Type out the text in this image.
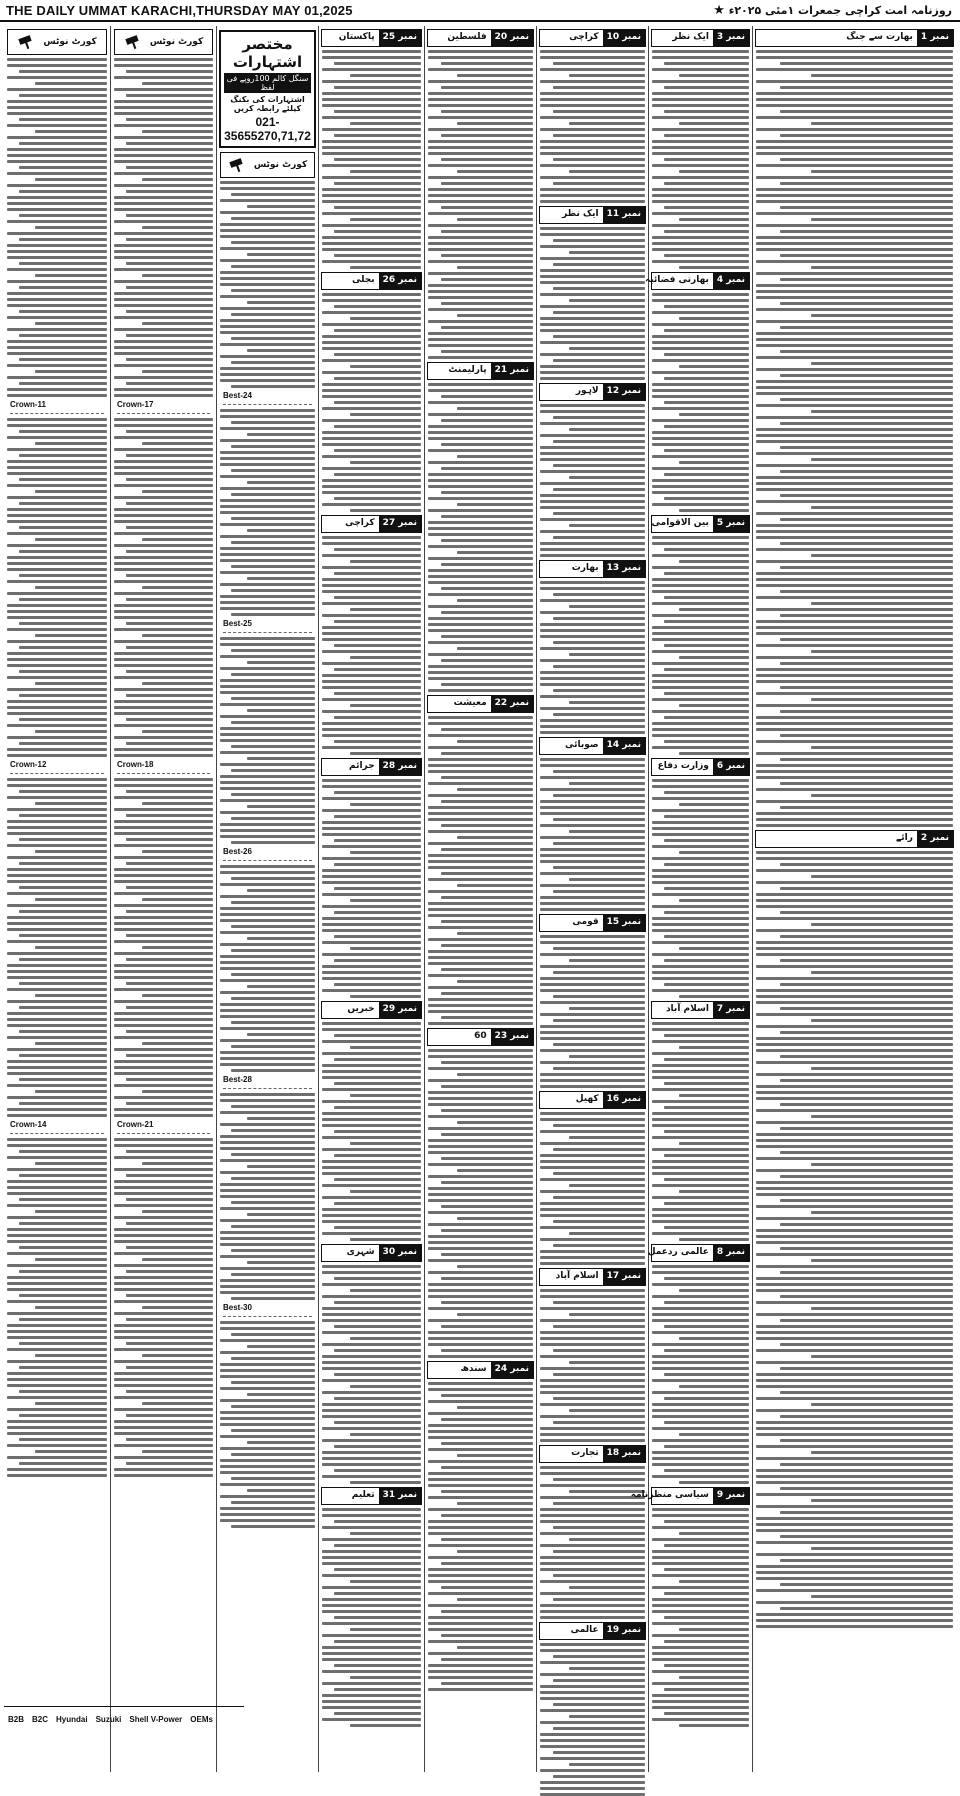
THE DAILY UMMAT KARACHI,THURSDAY MAY 01,2025	روزنامہ امت کراچی جمعرات ۱مئی ۲۰۲۵ء ★
کورٹ نوٹس
Crown-11
Crown-12
Crown-14
کورٹ نوٹس
Crown-17
Crown-18
Crown-21
مختصر اشتہارات
سنگل کالم 100روپے فی لفظ
اشتہارات کی بکنگ کیلئے رابطہ کریں
021-35655270,71,72
کورٹ نوٹس
Best-24
Best-25
Best-26
Best-28
Best-30
نمبر 25
پاکستان
نمبر 26
بجلی
نمبر 27
کراچی
نمبر 28
جرائم
نمبر 29
خبریں
نمبر 30
شہری
نمبر 31
تعلیم
نمبر 20
فلسطین
نمبر 21
پارلیمنٹ
نمبر 22
معیشت
نمبر 23
60
نمبر 24
سندھ
نمبر 10
کراچی
نمبر 11
ایک نظر
نمبر 12
لاہور
نمبر 13
بھارت
نمبر 14
صوبائی
نمبر 15
قومی
نمبر 16
کھیل
نمبر 17
اسلام آباد
نمبر 18
تجارت
نمبر 19
عالمی
نمبر 3
ایک نظر
نمبر 4
بھارتی فضائیہ
نمبر 5
بین الاقوامی
نمبر 6
وزارت دفاع
نمبر 7
اسلام آباد
نمبر 8
عالمی ردعمل
نمبر 9
سیاسی منظرنامہ
نمبر 1
بھارت سے جنگ
نمبر 2
رائے
B2B B2C Hyundai Suzuki Shell V-Power OEMs
